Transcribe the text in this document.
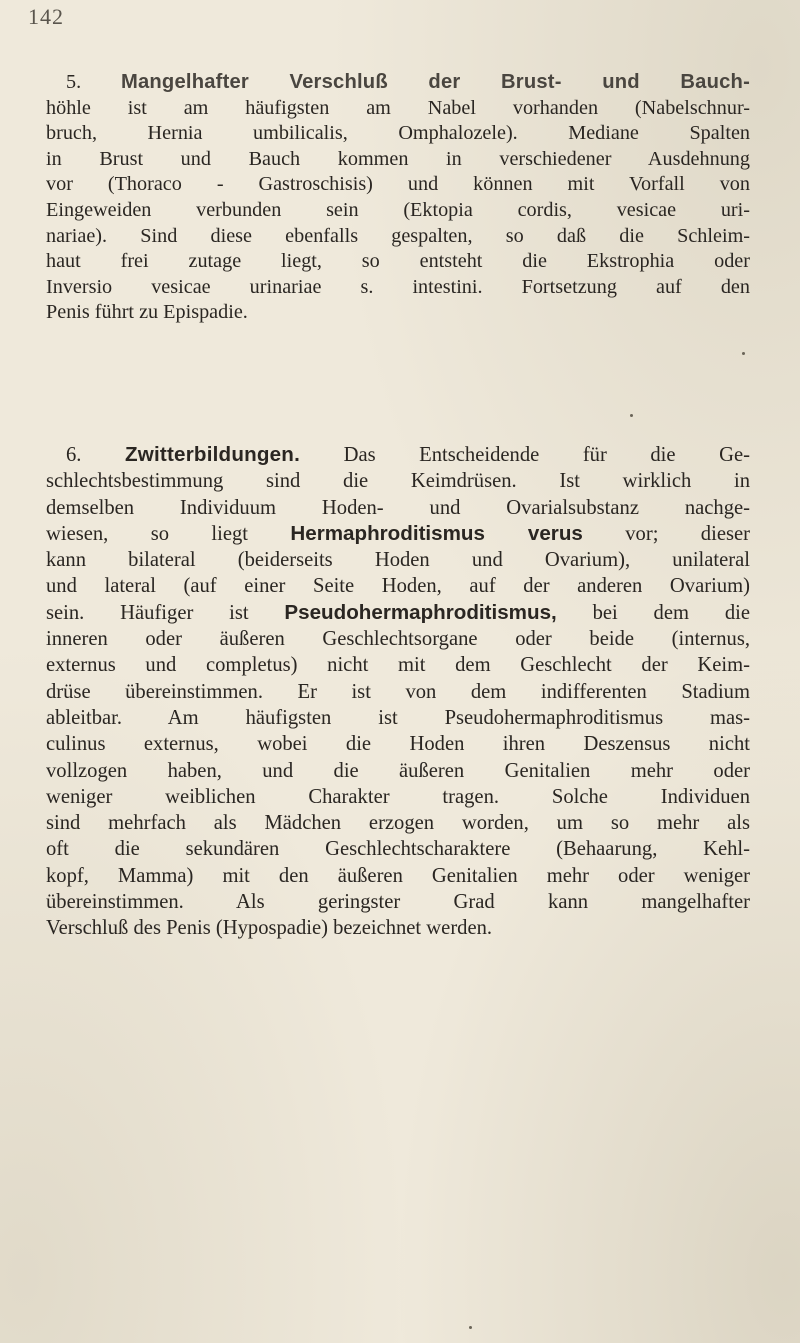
142
5. Mangelhafter Verschluß der Brust- und Bauch-
höhle ist am häufigsten am Nabel vorhanden (Nabelschnur-
bruch, Hernia umbilicalis, Omphalozele). Mediane Spalten
in Brust und Bauch kommen in verschiedener Ausdehnung
vor (Thoraco - Gastroschisis) und können mit Vorfall von
Eingeweiden verbunden sein (Ektopia cordis, vesicae uri-
nariae). Sind diese ebenfalls gespalten, so daß die Schleim-
haut frei zutage liegt, so entsteht die Ekstrophia oder
Inversio vesicae urinariae s. intestini. Fortsetzung auf den
Penis führt zu Epispadie.
6. Zwitterbildungen. Das Entscheidende für die Ge-
schlechtsbestimmung sind die Keimdrüsen. Ist wirklich in
demselben Individuum Hoden- und Ovarialsubstanz nachge-
wiesen, so liegt Hermaphroditismus verus vor; dieser
kann bilateral (beiderseits Hoden und Ovarium), unilateral
und lateral (auf einer Seite Hoden, auf der anderen Ovarium)
sein. Häufiger ist Pseudohermaphroditismus, bei dem die
inneren oder äußeren Geschlechtsorgane oder beide (internus,
externus und completus) nicht mit dem Geschlecht der Keim-
drüse übereinstimmen. Er ist von dem indifferenten Stadium
ableitbar. Am häufigsten ist Pseudohermaphroditismus mas-
culinus externus, wobei die Hoden ihren Deszensus nicht
vollzogen haben, und die äußeren Genitalien mehr oder
weniger weiblichen Charakter tragen. Solche Individuen
sind mehrfach als Mädchen erzogen worden, um so mehr als
oft die sekundären Geschlechtscharaktere (Behaarung, Kehl-
kopf, Mamma) mit den äußeren Genitalien mehr oder weniger
übereinstimmen. Als geringster Grad kann mangelhafter
Verschluß des Penis (Hypospadie) bezeichnet werden.
